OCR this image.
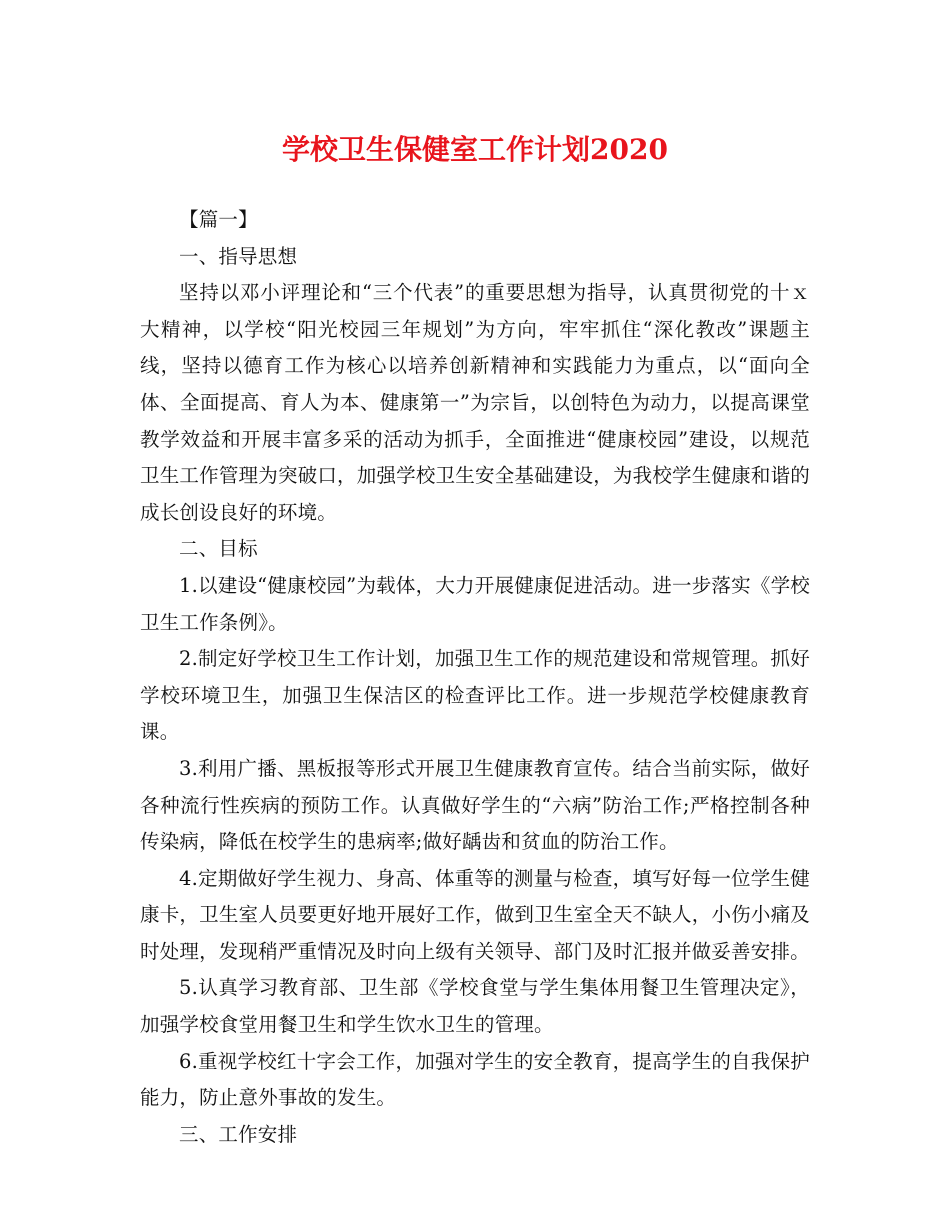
学校卫生保健室工作计划2020

【篇一】

一、指导思想

坚持以邓小评理论和“三个代表”的重要思想为指导，认真贯彻党的十ｘ大精神，以学校“阳光校园三年规划”为方向，牢牢抓住“深化教改”课题主线，坚持以德育工作为核心以培养创新精神和实践能力为重点，以“面向全体、全面提高、育人为本、健康第一”为宗旨，以创特色为动力，以提高课堂教学效益和开展丰富多采的活动为抓手，全面推进“健康校园”建设，以规范卫生工作管理为突破口，加强学校卫生安全基础建设，为我校学生健康和谐的成长创设良好的环境。

二、目标

1.以建设“健康校园”为载体，大力开展健康促进活动。进一步落实《学校卫生工作条例》。

2.制定好学校卫生工作计划，加强卫生工作的规范建设和常规管理。抓好学校环境卫生，加强卫生保洁区的检查评比工作。进一步规范学校健康教育课。

3.利用广播、黑板报等形式开展卫生健康教育宣传。结合当前实际，做好各种流行性疾病的预防工作。认真做好学生的“六病”防治工作;严格控制各种传染病，降低在校学生的患病率;做好龋齿和贫血的防治工作。

4.定期做好学生视力、身高、体重等的测量与检查，填写好每一位学生健康卡，卫生室人员要更好地开展好工作，做到卫生室全天不缺人，小伤小痛及时处理，发现稍严重情况及时向上级有关领导、部门及时汇报并做妥善安排。

5.认真学习教育部、卫生部《学校食堂与学生集体用餐卫生管理决定》，加强学校食堂用餐卫生和学生饮水卫生的管理。

6.重视学校红十字会工作，加强对学生的安全教育，提高学生的自我保护能力，防止意外事故的发生。

三、工作安排
